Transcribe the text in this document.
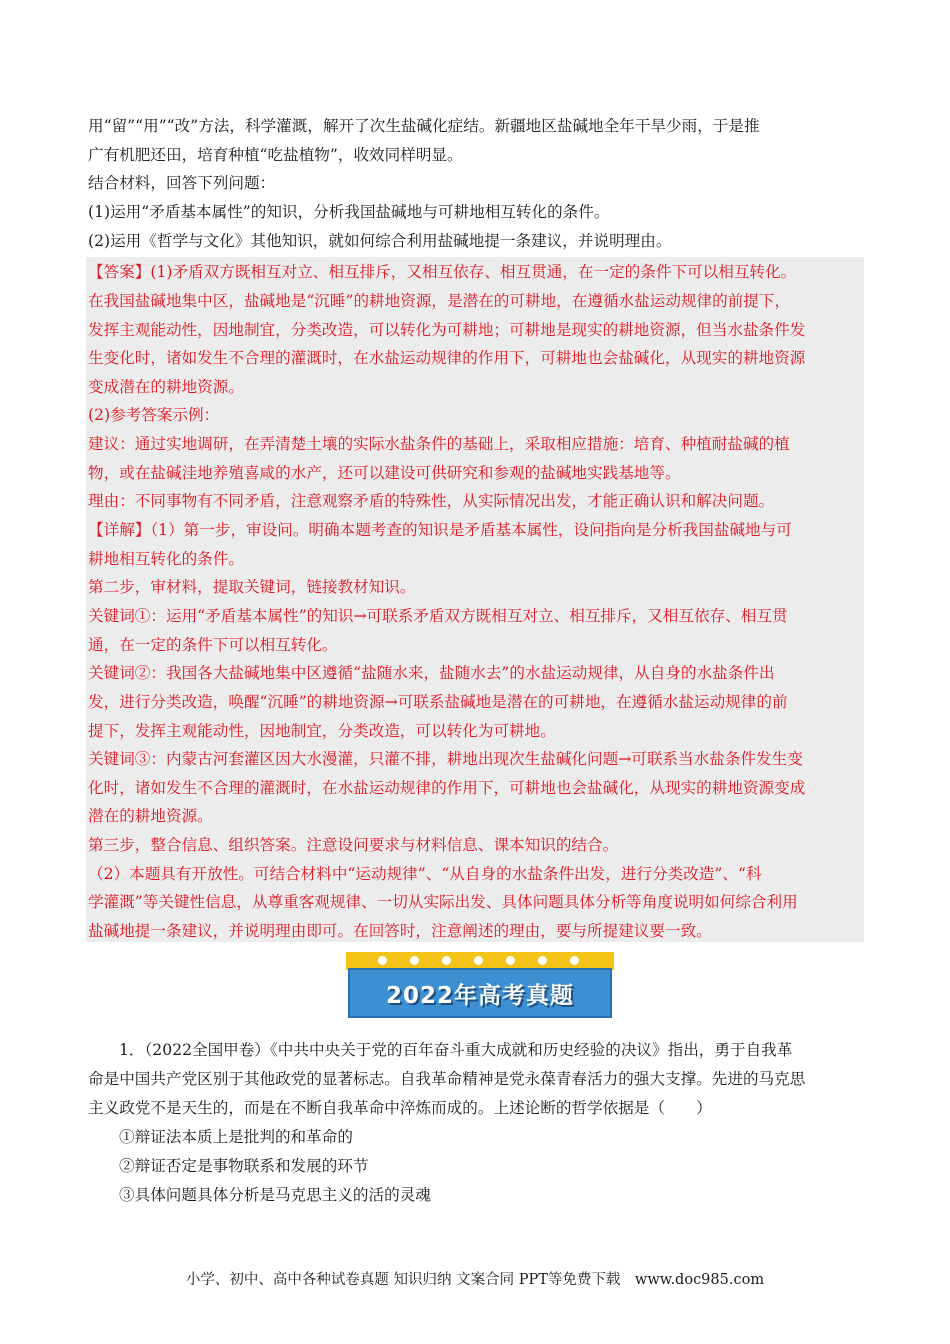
用“留”“用”“改”方法，科学灌溉，解开了次生盐碱化症结。新疆地区盐碱地全年干旱少雨，于是推
广有机肥还田，培育种植“吃盐植物”，收效同样明显。
结合材料，回答下列问题：
(1)运用“矛盾基本属性”的知识，分析我国盐碱地与可耕地相互转化的条件。
(2)运用《哲学与文化》其他知识，就如何综合利用盐碱地提一条建议，并说明理由。
【答案】(1)矛盾双方既相互对立、相互排斥，又相互依存、相互贯通，在一定的条件下可以相互转化。
在我国盐碱地集中区，盐碱地是“沉睡”的耕地资源，是潜在的可耕地，在遵循水盐运动规律的前提下，
发挥主观能动性，因地制宜，分类改造，可以转化为可耕地；可耕地是现实的耕地资源，但当水盐条件发
生变化时，诸如发生不合理的灌溉时，在水盐运动规律的作用下，可耕地也会盐碱化，从现实的耕地资源
变成潜在的耕地资源。
(2)参考答案示例：
建议：通过实地调研，在弄清楚土壤的实际水盐条件的基础上，采取相应措施：培育、种植耐盐碱的植
物，或在盐碱洼地养殖喜咸的水产，还可以建设可供研究和参观的盐碱地实践基地等。
理由：不同事物有不同矛盾，注意观察矛盾的特殊性，从实际情况出发，才能正确认识和解决问题。
【详解】（1）第一步，审设问。明确本题考查的知识是矛盾基本属性，设问指向是分析我国盐碱地与可
耕地相互转化的条件。
第二步，审材料，提取关键词，链接教材知识。
关键词①：运用“矛盾基本属性”的知识→可联系矛盾双方既相互对立、相互排斥，又相互依存、相互贯
通，在一定的条件下可以相互转化。
关键词②：我国各大盐碱地集中区遵循“盐随水来，盐随水去”的水盐运动规律，从自身的水盐条件出
发，进行分类改造，唤醒“沉睡”的耕地资源→可联系盐碱地是潜在的可耕地，在遵循水盐运动规律的前
提下，发挥主观能动性，因地制宜，分类改造，可以转化为可耕地。
关键词③：内蒙古河套灌区因大水漫灌，只灌不排，耕地出现次生盐碱化问题→可联系当水盐条件发生变
化时，诸如发生不合理的灌溉时，在水盐运动规律的作用下，可耕地也会盐碱化，从现实的耕地资源变成
潜在的耕地资源。
第三步，整合信息、组织答案。注意设问要求与材料信息、课本知识的结合。
（2）本题具有开放性。可结合材料中“运动规律”、“从自身的水盐条件出发，进行分类改造”、“科
学灌溉”等关键性信息，从尊重客观规律、一切从实际出发、具体问题具体分析等角度说明如何综合利用
盐碱地提一条建议，并说明理由即可。在回答时，注意阐述的理由，要与所提建议要一致。
2022年高考真题
1．（2022全国甲卷）《中共中央关于党的百年奋斗重大成就和历史经验的决议》指出，勇于自我革
命是中国共产党区别于其他政党的显著标志。自我革命精神是党永葆青春活力的强大支撑。先进的马克思
主义政党不是天生的，而是在不断自我革命中淬炼而成的。上述论断的哲学依据是（　　）
①辩证法本质上是批判的和革命的
②辩证否定是事物联系和发展的环节
③具体问题具体分析是马克思主义的活的灵魂
小学、初中、高中各种试卷真题 知识归纳 文案合同 PPT等免费下载　www.doc985.com
